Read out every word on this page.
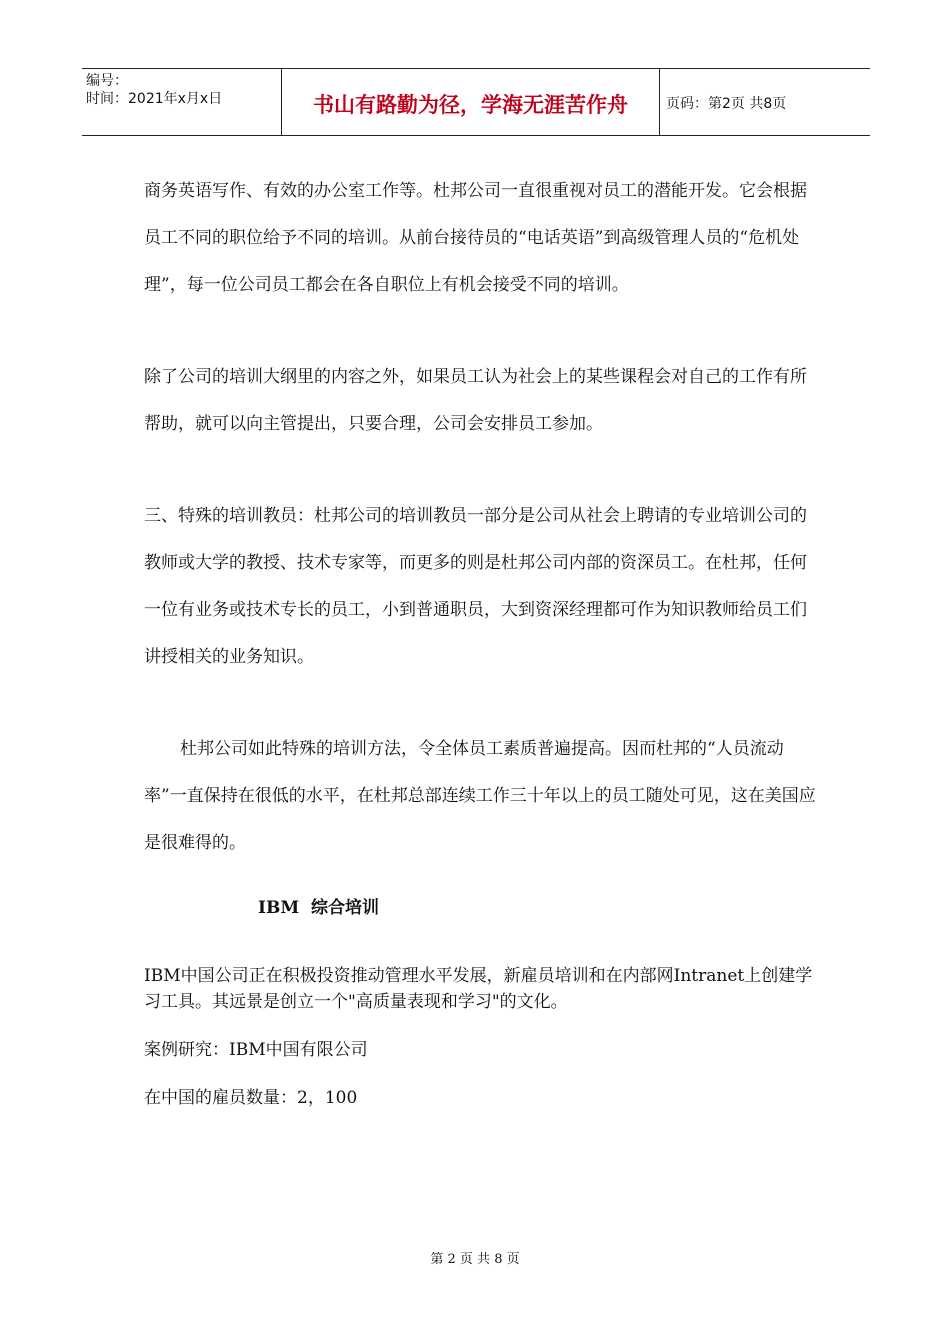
编号：
时间：2021年x月x日	书山有路勤为径，学海无涯苦作舟	页码：第2页 共8页

商务英语写作、有效的办公室工作等。杜邦公司一直很重视对员工的潜能开发。它会根据员工不同的职位给予不同的培训。从前台接待员的“电话英语”到高级管理人员的“危机处理”，每一位公司员工都会在各自职位上有机会接受不同的培训。

除了公司的培训大纲里的内容之外，如果员工认为社会上的某些课程会对自己的工作有所帮助，就可以向主管提出，只要合理，公司会安排员工参加。

三、特殊的培训教员：杜邦公司的培训教员一部分是公司从社会上聘请的专业培训公司的教师或大学的教授、技术专家等，而更多的则是杜邦公司内部的资深员工。在杜邦，任何一位有业务或技术专长的员工，小到普通职员，大到资深经理都可作为知识教师给员工们讲授相关的业务知识。

杜邦公司如此特殊的培训方法，令全体员工素质普遍提高。因而杜邦的“人员流动率”一直保持在很低的水平，在杜邦总部连续工作三十年以上的员工随处可见，这在美国应是很难得的。

IBM  综合培训

IBM中国公司正在积极投资推动管理水平发展，新雇员培训和在内部网Intranet上创建学习工具。其远景是创立一个"高质量表现和学习"的文化。

案例研究：IBM中国有限公司

在中国的雇员数量：2，100

第 2 页 共 8 页
